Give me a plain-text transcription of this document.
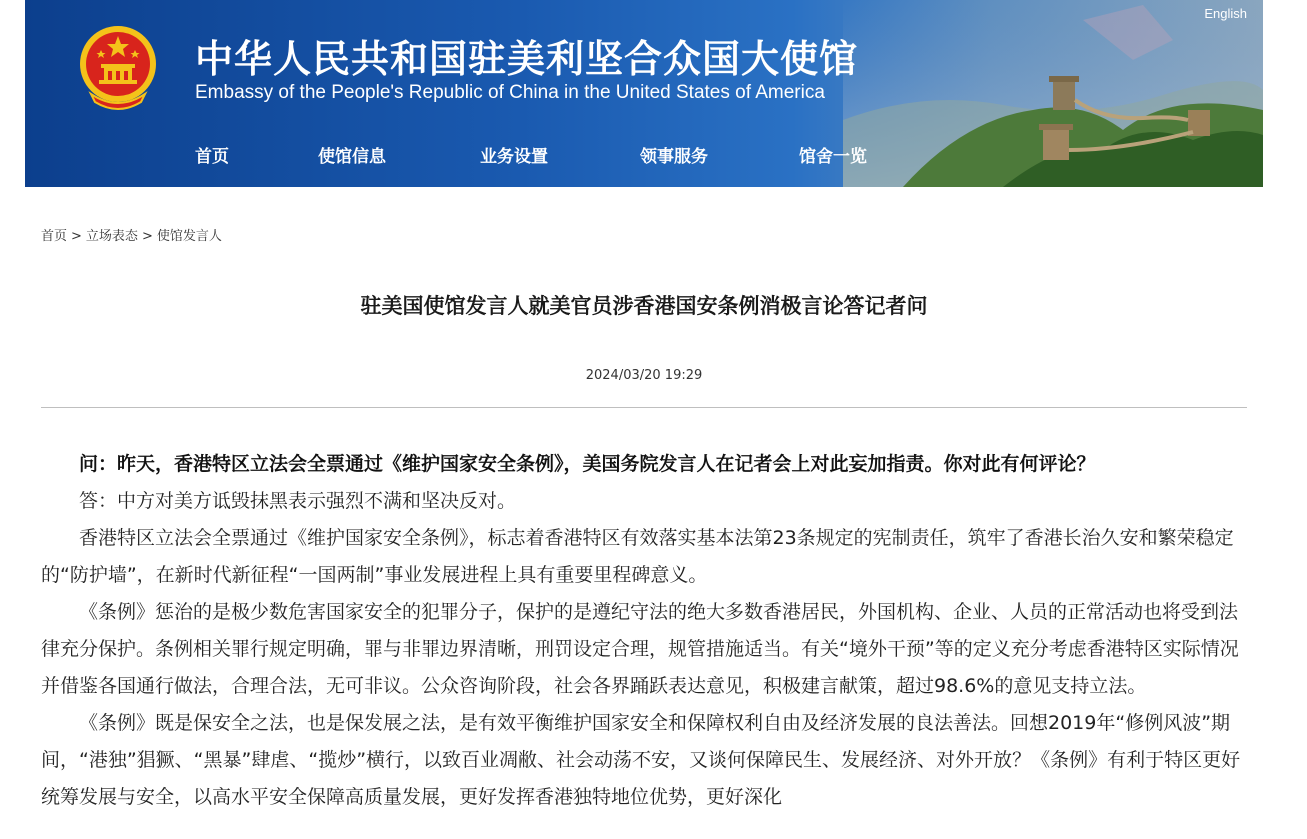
中华人民共和国驻美利坚合众国大使馆
Embassy of the People's Republic of China in the United States of America
English
首页	使馆信息	业务设置	领事服务	馆舍一览
首页 > 立场表态 > 使馆发言人
驻美国使馆发言人就美官员涉香港国安条例消极言论答记者问
2024/03/20 19:29

问：昨天，香港特区立法会全票通过《维护国家安全条例》，美国务院发言人在记者会上对此妄加指责。你对此有何评论？

答：中方对美方诋毁抹黑表示强烈不满和坚决反对。

香港特区立法会全票通过《维护国家安全条例》，标志着香港特区有效落实基本法第23条规定的宪制责任，筑牢了香港长治久安和繁荣稳定的“防护墙”，在新时代新征程“一国两制”事业发展进程上具有重要里程碑意义。

《条例》惩治的是极少数危害国家安全的犯罪分子，保护的是遵纪守法的绝大多数香港居民，外国机构、企业、人员的正常活动也将受到法律充分保护。条例相关罪行规定明确，罪与非罪边界清晰，刑罚设定合理，规管措施适当。有关“境外干预”等的定义充分考虑香港特区实际情况并借鉴各国通行做法，合理合法，无可非议。公众咨询阶段，社会各界踊跃表达意见，积极建言献策，超过98.6%的意见支持立法。

《条例》既是保安全之法，也是保发展之法，是有效平衡维护国家安全和保障权利自由及经济发展的良法善法。回想2019年“修例风波”期间，“港独”猖獗、“黑暴”肆虐、“揽炒”横行，以致百业凋敝、社会动荡不安，又谈何保障民生、发展经济、对外开放？《条例》有利于特区更好统筹发展与安全，以高水平安全保障高质量发展，更好发挥香港独特地位优势，更好深化
